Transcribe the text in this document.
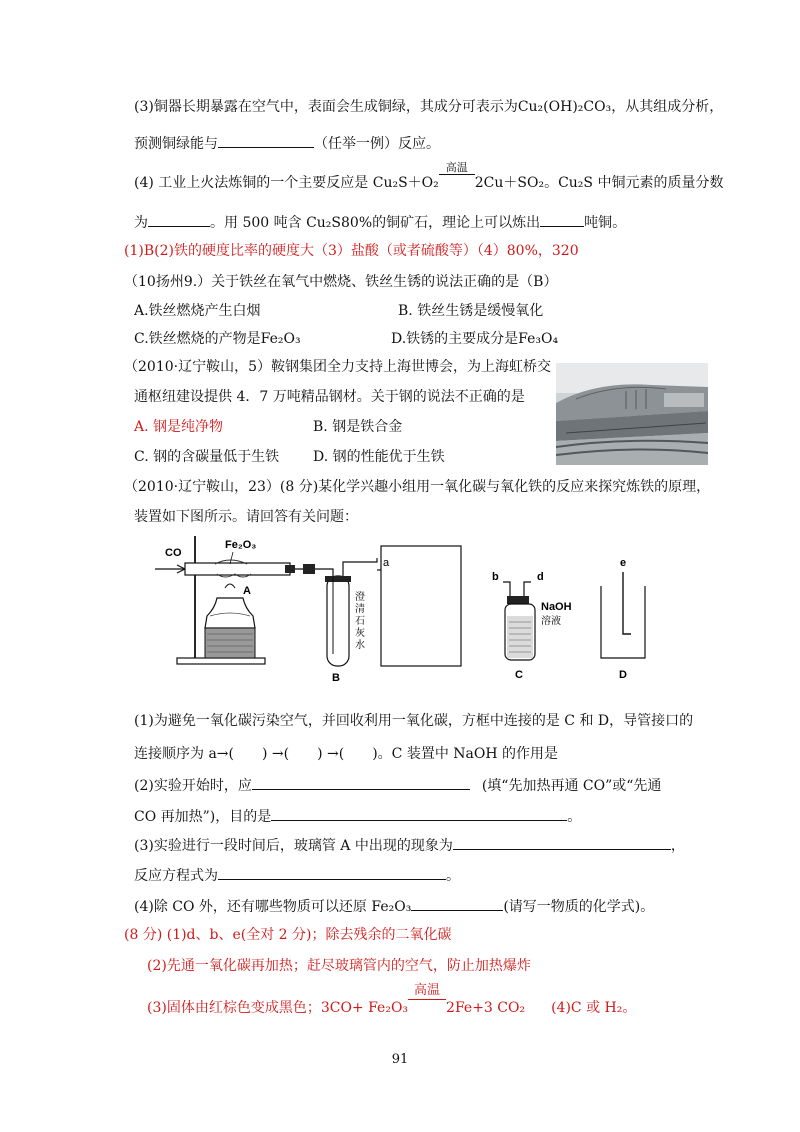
(3)铜器长期暴露在空气中，表面会生成铜绿，其成分可表示为Cu₂(OH)₂CO₃，从其组成分析，
预测铜绿能与	（任举一例）反应。
(4) 工业上火法炼铜的一个主要反应是 Cu₂S＋O₂
高温
2Cu＋SO₂。Cu₂S 中铜元素的质量分数
为	。用 500 吨含 Cu₂S80%的铜矿石，理论上可以炼出	吨铜。
(1)B(2)铁的硬度比率的硬度大（3）盐酸（或者硫酸等）（4）80%，320
（10扬州9.）关于铁丝在氧气中燃烧、铁丝生锈的说法正确的是（B）
A.铁丝燃烧产生白烟	B. 铁丝生锈是缓慢氧化
C.铁丝燃烧的产物是Fe₂O₃	D.铁锈的主要成分是Fe₃O₄
（2010·辽宁鞍山，5）鞍钢集团全力支持上海世博会，为上海虹桥交
通枢纽建设提供 4．7 万吨精品钢材。关于钢的说法不正确的是
A. 钢是纯净物	B. 钢是铁合金
C. 钢的含碳量低于生铁 D. 钢的性能优于生铁
（2010·辽宁鞍山，23）(8 分)某化学兴趣小组用一氧化碳与氧化铁的反应来探究炼铁的原理，
装置如下图所示。请回答有关问题：
CO
Fe₂O₃
A
澄
清
石
灰
水
B
a
b	d
NaOH
溶液
C
e
D
(1)为避免一氧化碳污染空气，并回收利用一氧化碳，方框中连接的是 C 和 D，导管接口的
连接顺序为 a→(　　) →(　　) →(　　)。C 装置中 NaOH 的作用是
(2)实验开始时，应	(填“先加热再通 CO”或“先通
CO 再加热”)，目的是	。
(3)实验进行一段时间后，玻璃管 A 中出现的现象为	，
反应方程式为	。
(4)除 CO 外，还有哪些物质可以还原 Fe₂O₃	(请写一物质的化学式)。
(8 分) (1)d、b、e(全对 2 分)；除去残余的二氧化碳
(2)先通一氧化碳再加热；赶尽玻璃管内的空气，防止加热爆炸
(3)固体由红棕色变成黑色；3CO+ Fe₂O₃
高温
2Fe+3 CO₂ (4)C 或 H₂。
91
